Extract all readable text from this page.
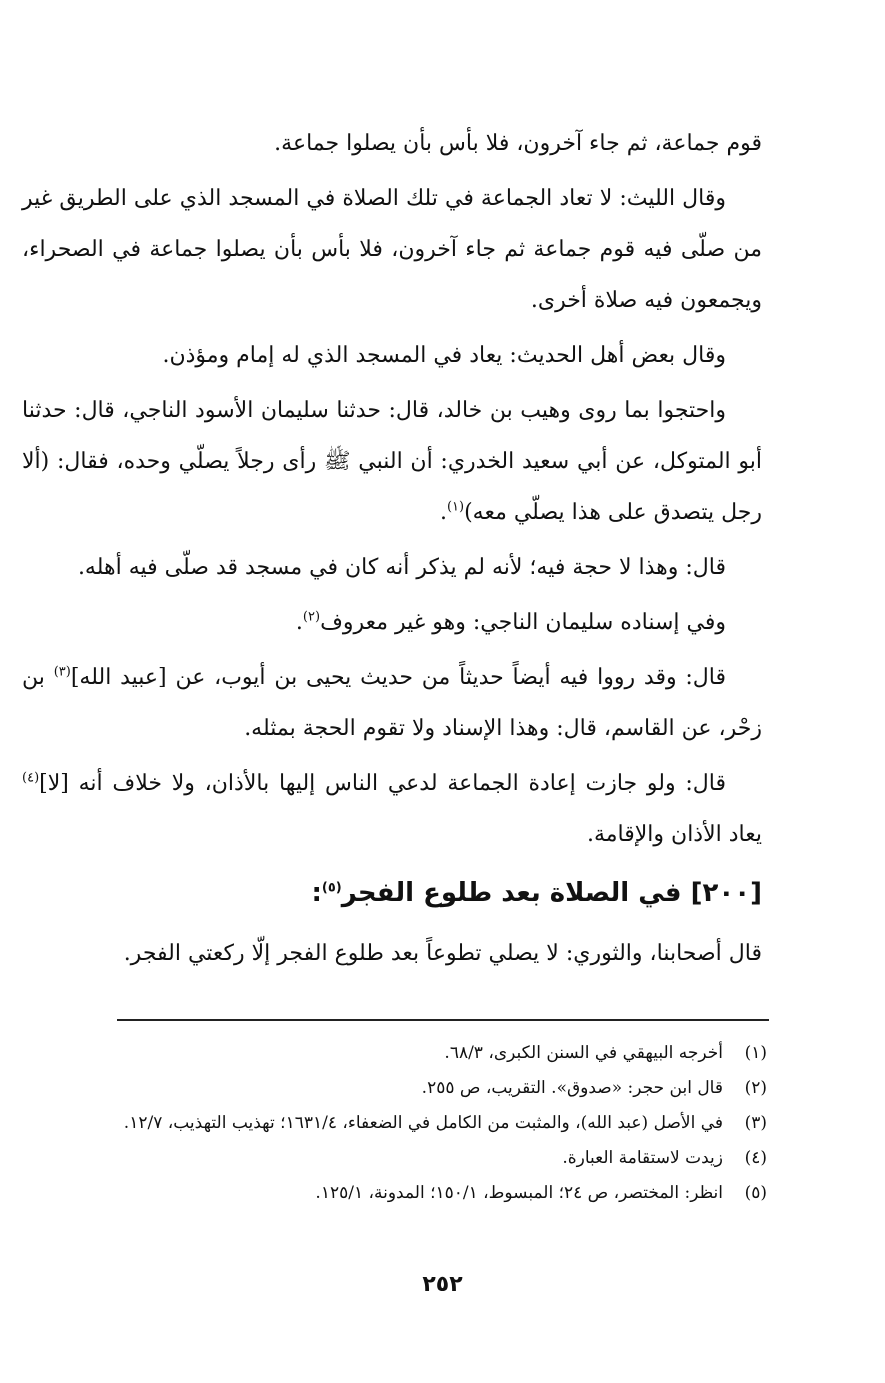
قوم جماعة، ثم جاء آخرون، فلا بأس بأن يصلوا جماعة.

وقال الليث: لا تعاد الجماعة في تلك الصلاة في المسجد الذي على الطريق غير من صلّى فيه قوم جماعة ثم جاء آخرون، فلا بأس بأن يصلوا جماعة في الصحراء، ويجمعون فيه صلاة أخرى.

وقال بعض أهل الحديث: يعاد في المسجد الذي له إمام ومؤذن.

واحتجوا بما روى وهيب بن خالد، قال: حدثنا سليمان الأسود الناجي، قال: حدثنا أبو المتوكل، عن أبي سعيد الخدري: أن النبي ﷺ رأى رجلاً يصلّي وحده، فقال: (ألا رجل يتصدق على هذا يصلّي معه)$^{(١)}$.

قال: وهذا لا حجة فيه؛ لأنه لم يذكر أنه كان في مسجد قد صلّى فيه أهله.

وفي إسناده سليمان الناجي: وهو غير معروف$^{(٢)}$.

قال: وقد رووا فيه أيضاً حديثاً من حديث يحيى بن أيوب، عن [عبيد الله]$^{(٣)}$ بن زحْر، عن القاسم، قال: وهذا الإسناد ولا تقوم الحجة بمثله.

قال: ولو جازت إعادة الجماعة لدعي الناس إليها بالأذان، ولا خلاف أنه [لا]$^{(٤)}$ يعاد الأذان والإقامة.

[٢٠٠] في الصلاة بعد طلوع الفجر$^{(٥)}$:

قال أصحابنا، والثوري: لا يصلي تطوعاً بعد طلوع الفجر إلّا ركعتي الفجر.

(١)
أخرجه البيهقي في السنن الكبرى، ٦٨/٣.
(٢)
قال ابن حجر: «صدوق». التقريب، ص ٢٥٥.
(٣)
في الأصل (عبد الله)، والمثبت من الكامل في الضعفاء، ١٦٣١/٤؛ تهذيب التهذيب، ١٢/٧.
(٤)
زيدت لاستقامة العبارة.
(٥)
انظر: المختصر، ص ٢٤؛ المبسوط، ١٥٠/١؛ المدونة، ١٢٥/١.
٢٥٢
